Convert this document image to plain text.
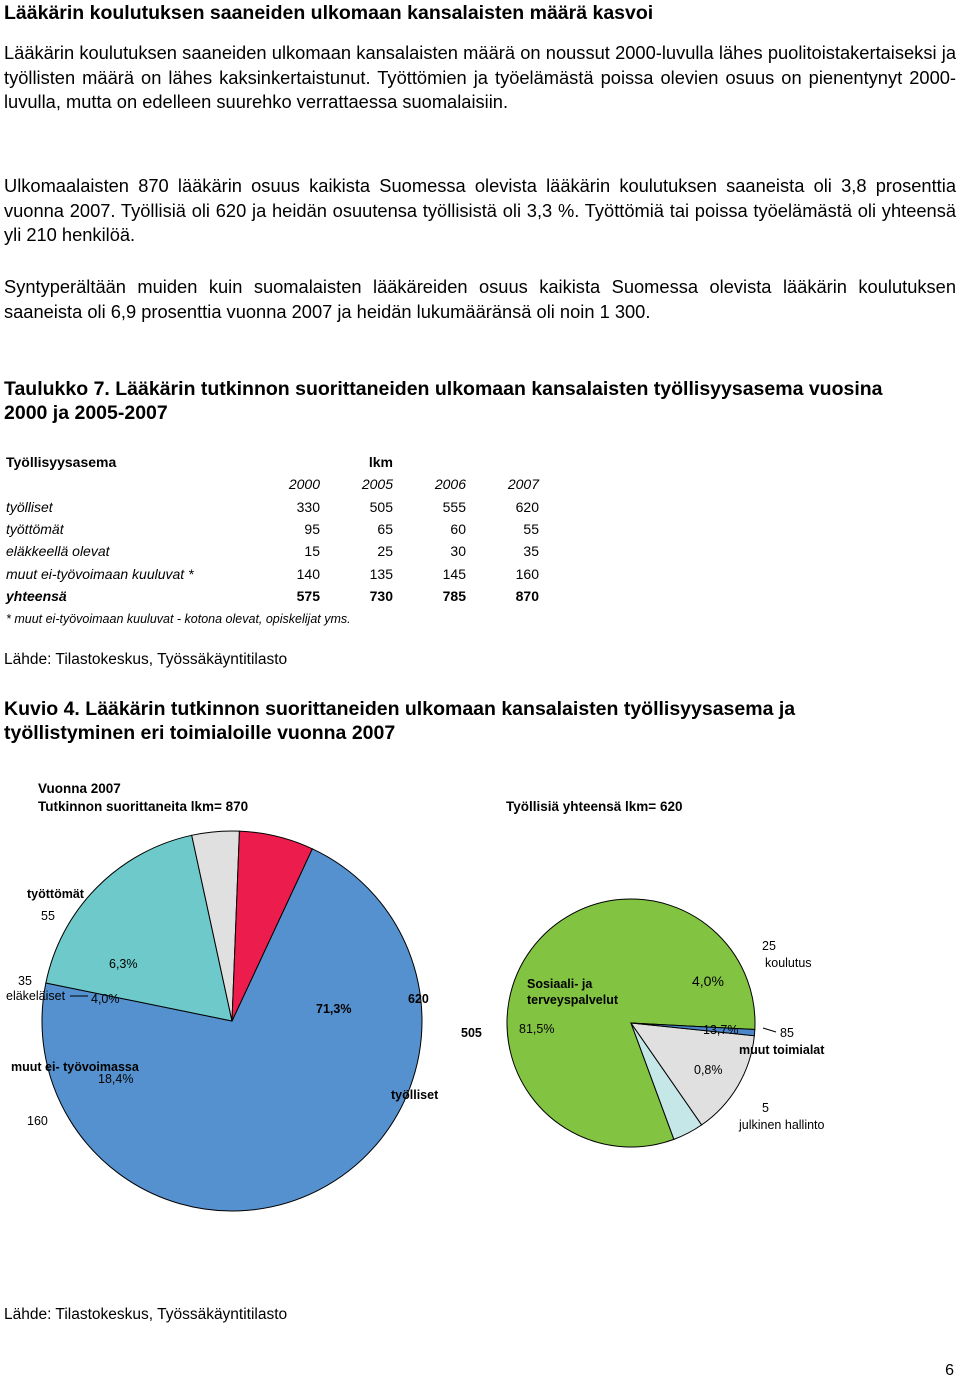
Lääkärin koulutuksen saaneiden ulkomaan kansalaisten määrä kasvoi

Lääkärin koulutuksen saaneiden ulkomaan kansalaisten määrä on noussut 2000-luvulla lähes puolitoistakertaiseksi ja työllisten määrä on lähes kaksinkertaistunut. Työttömien ja työelämästä poissa olevien osuus on pienentynyt 2000-luvulla, mutta on edelleen suurehko verrattaessa suomalaisiin.

Ulkomaalaisten 870 lääkärin osuus kaikista Suomessa olevista lääkärin koulutuksen saaneista oli 3,8 prosenttia vuonna 2007. Työllisiä oli 620 ja heidän osuutensa työllisistä oli 3,3 %. Työttömiä tai poissa työelämästä oli yhteensä yli 210 henkilöä.

Syntyperältään muiden kuin suomalaisten lääkäreiden osuus kaikista Suomessa olevista lääkärin koulutuksen saaneista oli 6,9 prosenttia vuonna 2007 ja heidän lukumääränsä oli noin 1 300.

Taulukko 7. Lääkärin tutkinnon suorittaneiden ulkomaan kansalaisten työllisyysasema vuosina 2000 ja 2005-2007
Työllisyysasema		lkm		
	2000	2005	2006	2007
työlliset	330	505	555	620
työttömät	95	65	60	55
eläkkeellä olevat	15	25	30	35
muut ei-työvoimaan kuuluvat *	140	135	145	160
yhteensä	575	730	785	870
* muut ei-työvoimaan kuuluvat - kotona olevat, opiskelijat yms.
Lähde: Tilastokeskus, Työssäkäyntitilasto
Kuvio 4. Lääkärin tutkinnon suorittaneiden ulkomaan kansalaisten työllisyysasema ja työllistyminen eri toimialoille vuonna 2007
Vuonna 2007
Tutkinnon suorittaneita lkm= 870	Työllisiä yhteensä lkm= 620
työttömät
55
6,3%
35
eläkeläiset 4,0%
muut ei- työvoimassa
18,4%
160
71,3%
620
työlliset
Sosiaali- ja terveyspalvelut
81,5%
505
25
koulutus
4,0%
13,7%	85
muut toimialat
0,8%
5
julkinen hallinto
Lähde: Tilastokeskus, Työssäkäyntitilasto
6
